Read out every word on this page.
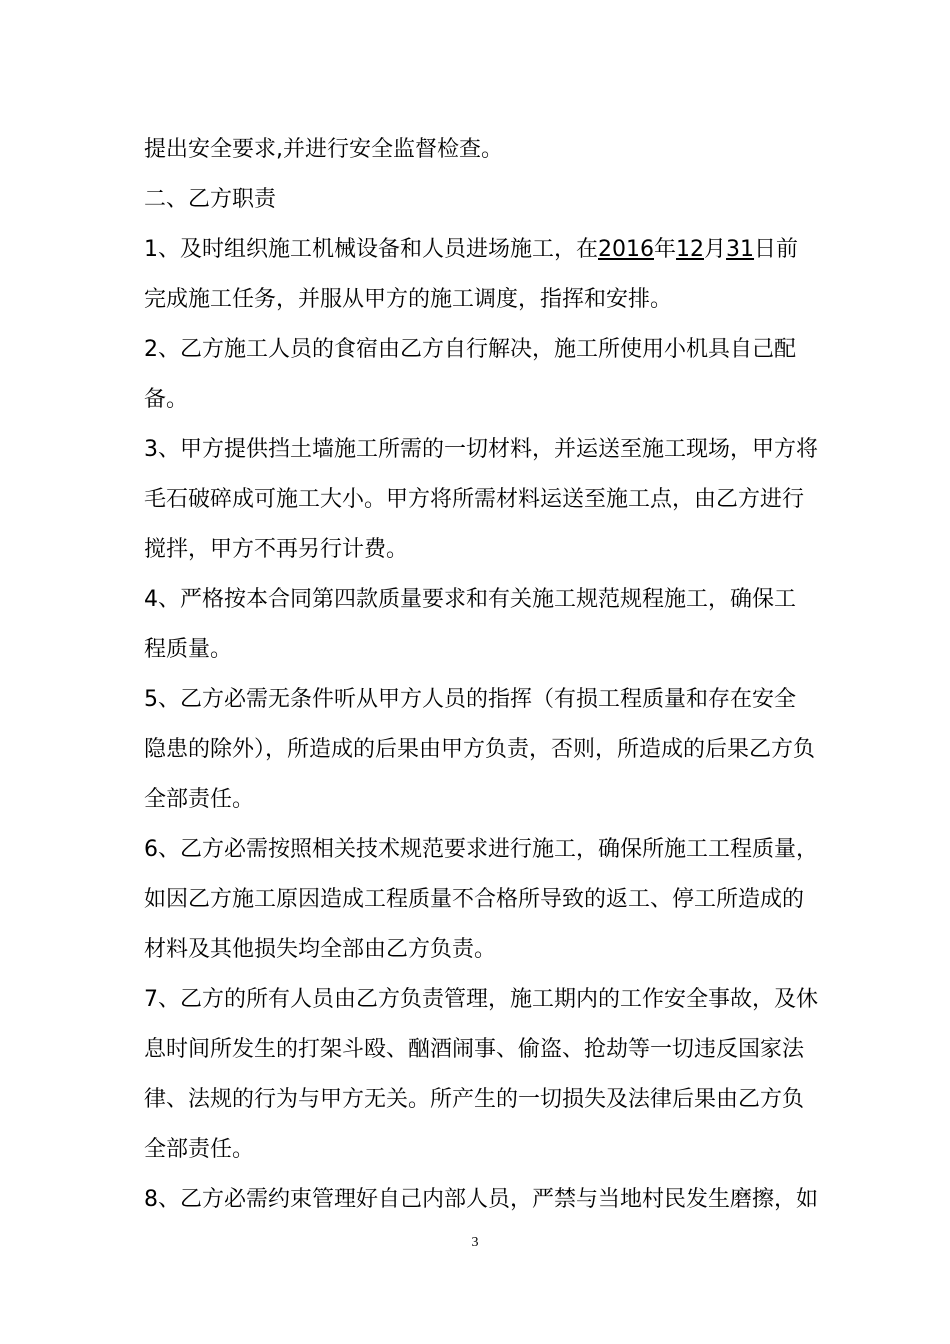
提出安全要求,并进行安全监督检查。
二、乙方职责
1、及时组织施工机械设备和人员进场施工，在2016年12月31日前
完成施工任务，并服从甲方的施工调度，指挥和安排。
2、乙方施工人员的食宿由乙方自行解决，施工所使用小机具自己配
备。
3、甲方提供挡土墙施工所需的一切材料，并运送至施工现场，甲方将
毛石破碎成可施工大小。甲方将所需材料运送至施工点，由乙方进行
搅拌，甲方不再另行计费。
4、严格按本合同第四款质量要求和有关施工规范规程施工，确保工
程质量。
5、乙方必需无条件听从甲方人员的指挥（有损工程质量和存在安全
隐患的除外），所造成的后果由甲方负责，否则，所造成的后果乙方负
全部责任。
6、乙方必需按照相关技术规范要求进行施工，确保所施工工程质量，
如因乙方施工原因造成工程质量不合格所导致的返工、停工所造成的
材料及其他损失均全部由乙方负责。
7、乙方的所有人员由乙方负责管理，施工期内的工作安全事故，及休
息时间所发生的打架斗殴、酗酒闹事、偷盗、抢劫等一切违反国家法
律、法规的行为与甲方无关。所产生的一切损失及法律后果由乙方负
全部责任。
8、乙方必需约束管理好自己内部人员，严禁与当地村民发生磨擦，如
3
